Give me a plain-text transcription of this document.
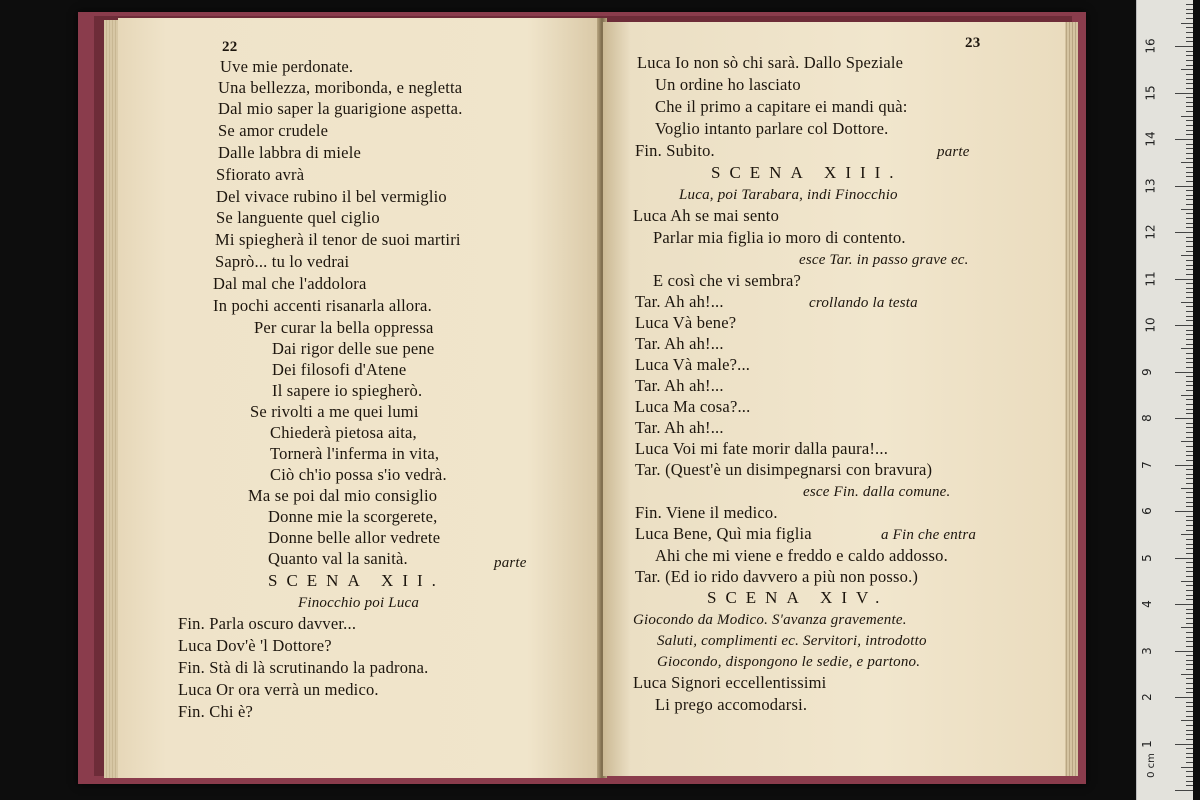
22
Uve mie perdonate.
Una bellezza, moribonda, e negletta
Dal mio saper la guarigione aspetta.
Se amor crudele
Dalle labbra di miele
Sfiorato avrà
Del vivace rubino il bel vermiglio
Se languente quel ciglio
Mi spiegherà il tenor de suoi martiri
Saprò... tu lo vedrai
Dal mal che l'addolora
In pochi accenti risanarla allora.
Per curar la bella oppressa
Dai rigor delle sue pene
Dei filosofi d'Atene
Il sapere io spiegherò.
Se rivolti a me quei lumi
Chiederà pietosa aita,
Tornerà l'inferma in vita,
Ciò ch'io possa s'io vedrà.
Ma se poi dal mio consiglio
Donne mie la scorgerete,
Donne belle allor vedrete
Quanto val la sanità.	parte
SCENA XII.
Finocchio poi Luca
Fin. Parla oscuro davver...
Luca Dov'è 'l Dottore?
Fin. Stà di là scrutinando la padrona.
Luca Or ora verrà un medico.
Fin. Chi è?
23
Luca Io non sò chi sarà. Dallo Speziale
Un ordine ho lasciato
Che il primo a capitare ei mandi quà:
Voglio intanto parlare col Dottore.
Fin. Subito.	parte
SCENA XIII.
Luca, poi Tarabara, indi Finocchio
Luca Ah se mai sento
Parlar mia figlia io moro di contento.
esce Tar. in passo grave ec.
E così che vi sembra?
Tar. Ah ah!...	crollando la testa
Luca Và bene?
Tar. Ah ah!...
Luca Và male?...
Tar. Ah ah!...
Luca Ma cosa?...
Tar. Ah ah!...
Luca Voi mi fate morir dalla paura!...
Tar. (Quest'è un disimpegnarsi con bravura)
esce Fin. dalla comune.
Fin. Viene il medico.
Luca Bene, Quì mia figlia	a Fin che entra
Ahi che mi viene e freddo e caldo addosso.
Tar. (Ed io rido davvero a più non posso.)
SCENA XIV.
Giocondo da Modico. S'avanza gravemente.
Saluti, complimenti ec. Servitori, introdotto
Giocondo, dispongono le sedie, e partono.
Luca Signori eccellentissimi
Li prego accomodarsi.
0 cm
1
2
3
4
5
6
7
8
9
10
11
12
13
14
15
16
